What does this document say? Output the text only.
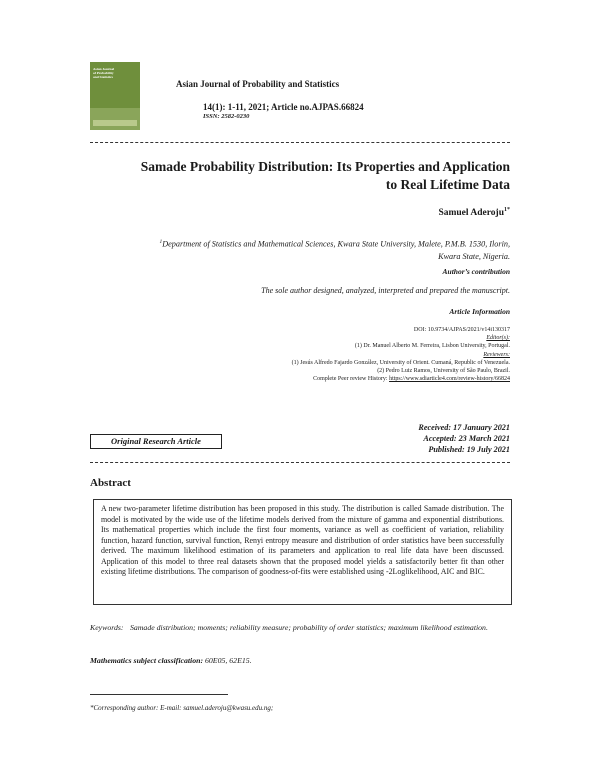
Asian Journal
of Probability
and Statistics
Asian Journal of Probability and Statistics
14(1): 1-11, 2021; Article no.AJPAS.66824
ISSN: 2582-0230
Samade Probability Distribution: Its Properties and Application
to Real Lifetime Data
Samuel Aderoju$^{1*}$
$^1$Department of Statistics and Mathematical Sciences, Kwara State University, Malete, P.M.B. 1530, Ilorin,
Kwara State, Nigeria.
Author’s contribution
The sole author designed, analyzed, interpreted and prepared the manuscript.
Article Information
DOI: 10.9734/AJPAS/2021/v14i130317
Editor(s):
(1) Dr. Manuel Alberto M. Ferreira, Lisbon University, Portugal.
Reviewers:
(1) Jesús Alfredo Fajardo González, University of Orient. Cumaná, Republic of Venezuela.
(2) Pedro Luiz Ramos, University of São Paulo, Brazil.
Complete Peer review History: https://www.sdiarticle4.com/review-history/66824
Received: 17 January 2021
Accepted: 23 March 2021
Published: 19 July 2021
Original Research Article
Abstract
A new two-parameter lifetime distribution has been proposed in this study. The distribution is called Samade distribution. The model is motivated by the wide use of the lifetime models derived from the mixture of gamma and exponential distributions. Its mathematical properties which include the first four moments, variance as well as coefficient of variation, reliability function, hazard function, survival function, Renyi entropy measure and distribution of order statistics have been successfully derived. The maximum likelihood estimation of its parameters and application to real life data have been discussed. Application of this model to three real datasets shown that the proposed model yields a satisfactorily better fit than other existing lifetime distributions. The comparison of goodness-of-fits were established using -2Loglikelihood, AIC and BIC.
Keywords: Samade distribution; moments; reliability measure; probability of order statistics; maximum likelihood estimation.
Mathematics subject classification: 60E05, 62E15.
*Corresponding author: E-mail: samuel.aderoju@kwasu.edu.ng;
